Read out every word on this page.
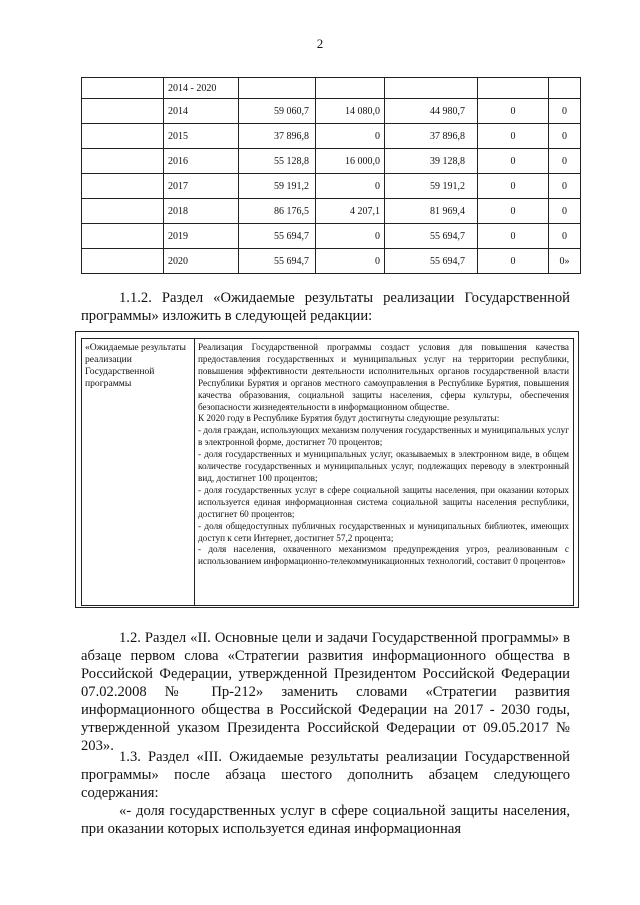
2
	2014 - 2020					
	2014	59 060,7	14 080,0	44 980,7	0	0
	2015	37 896,8	0	37 896,8	0	0
	2016	55 128,8	16 000,0	39 128,8	0	0
	2017	59 191,2	0	59 191,2	0	0
	2018	86 176,5	4 207,1	81 969,4	0	0
	2019	55 694,7	0	55 694,7	0	0
	2020	55 694,7	0	55 694,7	0	0»
1.1.2. Раздел «Ожидаемые результаты реализации Государственной программы» изложить в следующей редакции:
«Ожидаемые результаты реализации Государственной программы

Реализация Государственной программы создаст условия для повышения качества предоставления государственных и муниципальных услуг на территории республики, повышения эффективности деятельности исполнительных органов государственной власти Республики Бурятия и органов местного самоуправления в Республике Бурятия, повышения качества образования, социальной защиты населения, сферы культуры, обеспечения безопасности жизнедеятельности в информационном обществе.

К 2020 году в Республике Бурятия будут достигнуты следующие результаты:

- доля граждан, использующих механизм получения государственных и муниципальных услуг в электронной форме, достигнет 70 процентов;

- доля государственных и муниципальных услуг, оказываемых в электронном виде, в общем количестве государственных и муниципальных услуг, подлежащих переводу в электронный вид, достигнет 100 процентов;

- доля государственных услуг в сфере социальной защиты населения, при оказании которых используется единая информационная система социальной защиты населения республики, достигнет 60 процентов;

- доля общедоступных публичных государственных и муниципальных библиотек, имеющих доступ к сети Интернет, достигнет 57,2 процента;

- доля населения, охваченного механизмом предупреждения угроз, реализованным с использованием информационно-телекоммуникационных технологий, составит 0 процентов»

1.2. Раздел «II. Основные цели и задачи Государственной программы» в абзаце первом слова «Стратегии развития информационного общества в Российской Федерации, утвержденной Президентом Российской Федерации 07.02.2008 № Пр-212» заменить словами «Стратегии развития информационного общества в Российской Федерации на 2017 - 2030 годы, утвержденной указом Президента Российской Федерации от 09.05.2017 № 203».
1.3. Раздел «III. Ожидаемые результаты реализации Государственной программы» после абзаца шестого дополнить абзацем следующего содержания:
«- доля государственных услуг в сфере социальной защиты населения, при оказании которых используется единая информационная
